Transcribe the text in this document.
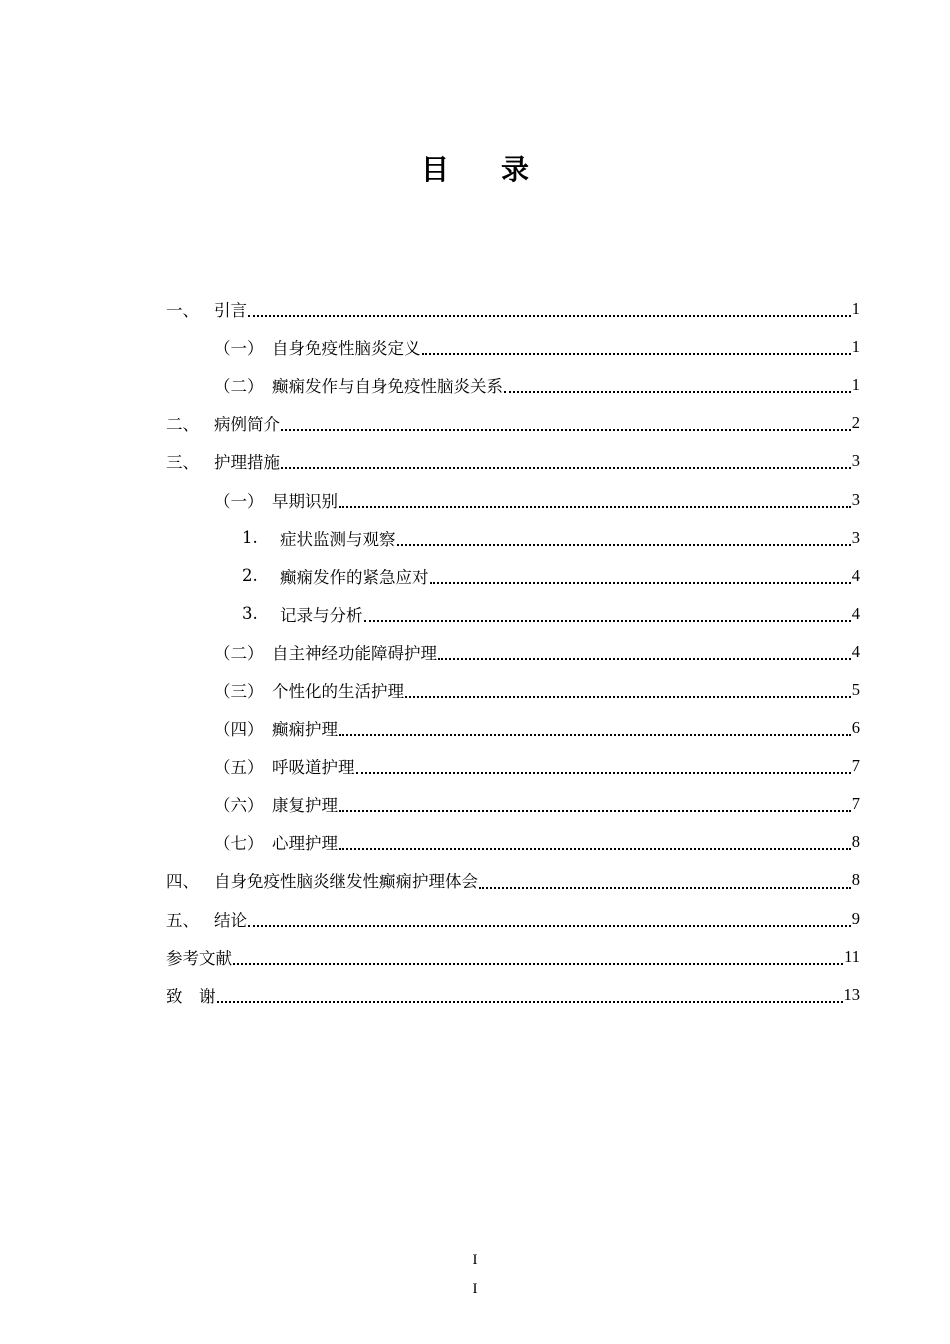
目 录
一、 引言	1
（一） 自身免疫性脑炎定义	1
（二） 癫痫发作与自身免疫性脑炎关系	1
二、 病例简介	2
三、 护理措施	3
（一） 早期识别	3
1.	症状监测与观察	3
2.	癫痫发作的紧急应对	4
3.	记录与分析	4
（二） 自主神经功能障碍护理	4
（三） 个性化的生活护理	5
（四） 癫痫护理	6
（五） 呼吸道护理	7
（六） 康复护理	7
（七） 心理护理	8
四、 自身免疫性脑炎继发性癫痫护理体会	8
五、 结论	9
参考文献	11
致　谢	13
I
I
